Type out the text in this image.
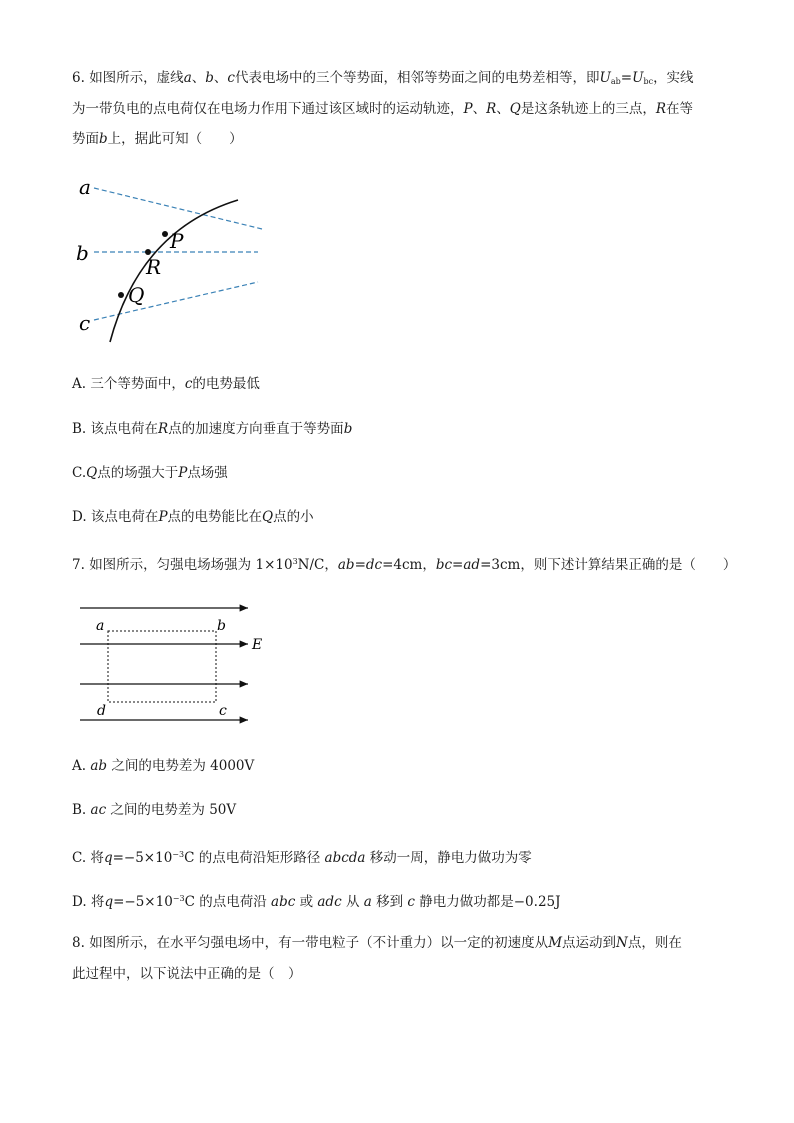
6. 如图所示，虚线a、b、c代表电场中的三个等势面，相邻等势面之间的电势差相等，即$U_{ab}=U_{bc}$，实线
为一带负电的点电荷仅在电场力作用下通过该区域时的运动轨迹，P、R、Q是这条轨迹上的三点，R在等
势面b上，据此可知（　　）
a
b
c
P
R
Q
A. 三个等势面中，c的电势最低
B. 该点电荷在R点的加速度方向垂直于等势面b
C.Q点的场强大于P点场强
D. 该点电荷在P点的电势能比在Q点的小
7. 如图所示，匀强电场场强为 $1\times 10^3N/C$，ab=dc=4cm，bc=ad=3cm，则下述计算结果正确的是（　　）
a	b
d	c
E
A. ab 之间的电势差为 4000V
B. ac 之间的电势差为 50V
C. 将$q=-5\times 10^{-3}C$ 的点电荷沿矩形路径 abcda 移动一周，静电力做功为零
D. 将$q=-5\times 10^{-3}C$ 的点电荷沿 abc 或 adc 从 a 移到 c 静电力做功都是−0.25J
8. 如图所示，在水平匀强电场中，有一带电粒子（不计重力）以一定的初速度从M点运动到N点，则在
此过程中，以下说法中正确的是（　）
